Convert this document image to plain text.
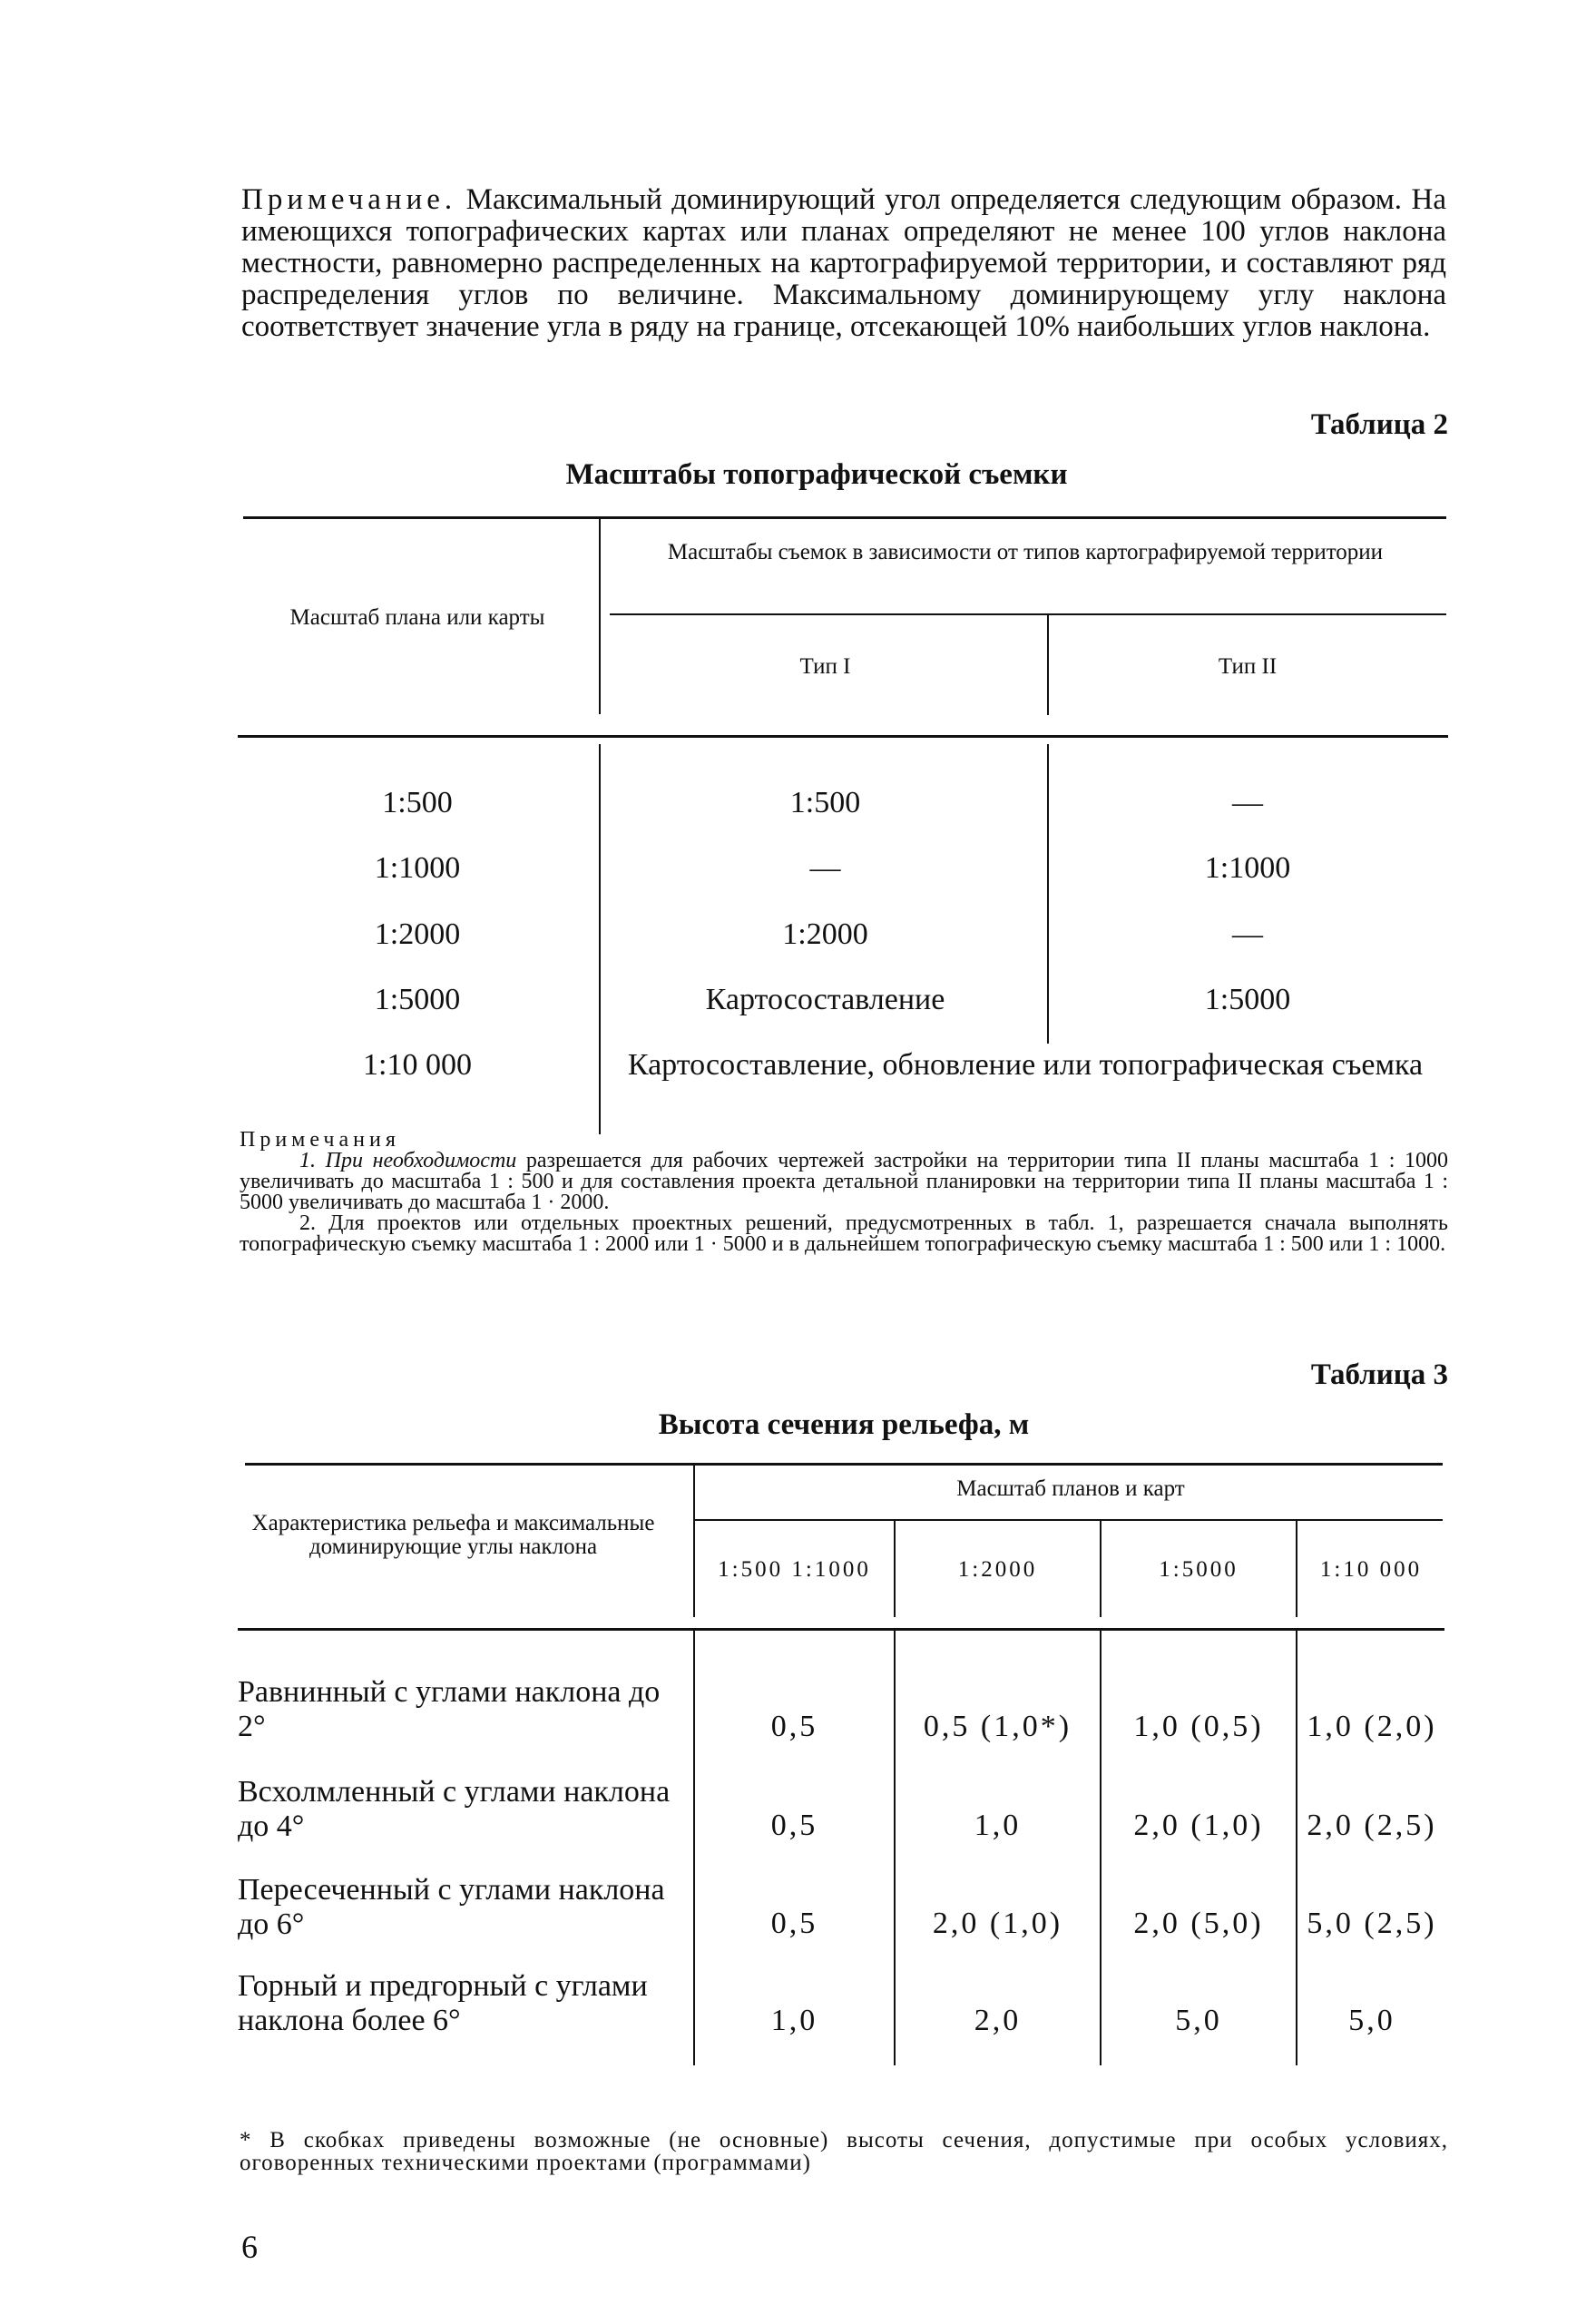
Примечание. Максимальный доминирующий угол определяется следующим образом. На имеющихся топографических картах или планах определяют не менее 100 углов наклона местности, равномерно распределенных на картографируемой территории, и составляют ряд распределения углов по величине. Максимальному доминирующему углу наклона соответствует значение угла в ряду на границе, отсекающей 10% наибольших углов наклона.
Таблица 2
Масштабы топографической съемки
Масштабы съемок в зависимости от типов картографируемой территории
Масштаб плана или карты
Тип I	Тип II
1:500	1:500	—
1:1000	—	1:1000
1:2000	1:2000	—
1:5000	Картосоставление	1:5000
1:10 000	Картосоставление, обновление или топографическая съемка

Примечания

1. При необходимости разрешается для рабочих чертежей застройки на территории типа II планы масштаба 1 : 1000 увеличивать до масштаба 1 : 500 и для составления проекта детальной планировки на территории типа II планы масштаба 1 : 5000 увеличивать до масштаба 1 · 2000.

2. Для проектов или отдельных проектных решений, предусмотренных в табл. 1, разрешается сначала выполнять топографическую съемку масштаба 1 : 2000 или 1 · 5000 и в дальнейшем топографическую съемку масштаба 1 : 500 или 1 : 1000.

Таблица 3
Высота сечения рельефа, м
Масштаб планов и карт
Характеристика рельефа и максимальные доминирующие углы наклона
1:500 1:1000	1:2000	1:5000	1:10 000
Равнинный с углами наклона до 2°	0,5	0,5 (1,0*)	1,0 (0,5)	1,0 (2,0)
Всхолмленный с углами наклона до 4°	0,5	1,0	2,0 (1,0)	2,0 (2,5)
Пересеченный с углами наклона до 6°	0,5	2,0 (1,0)	2,0 (5,0)	5,0 (2,5)
Горный и предгорный с углами наклона более 6°	1,0	2,0	5,0	5,0
* В скобках приведены возможные (не основные) высоты сечения, допустимые при особых условиях, оговоренных техническими проектами (программами)
6
